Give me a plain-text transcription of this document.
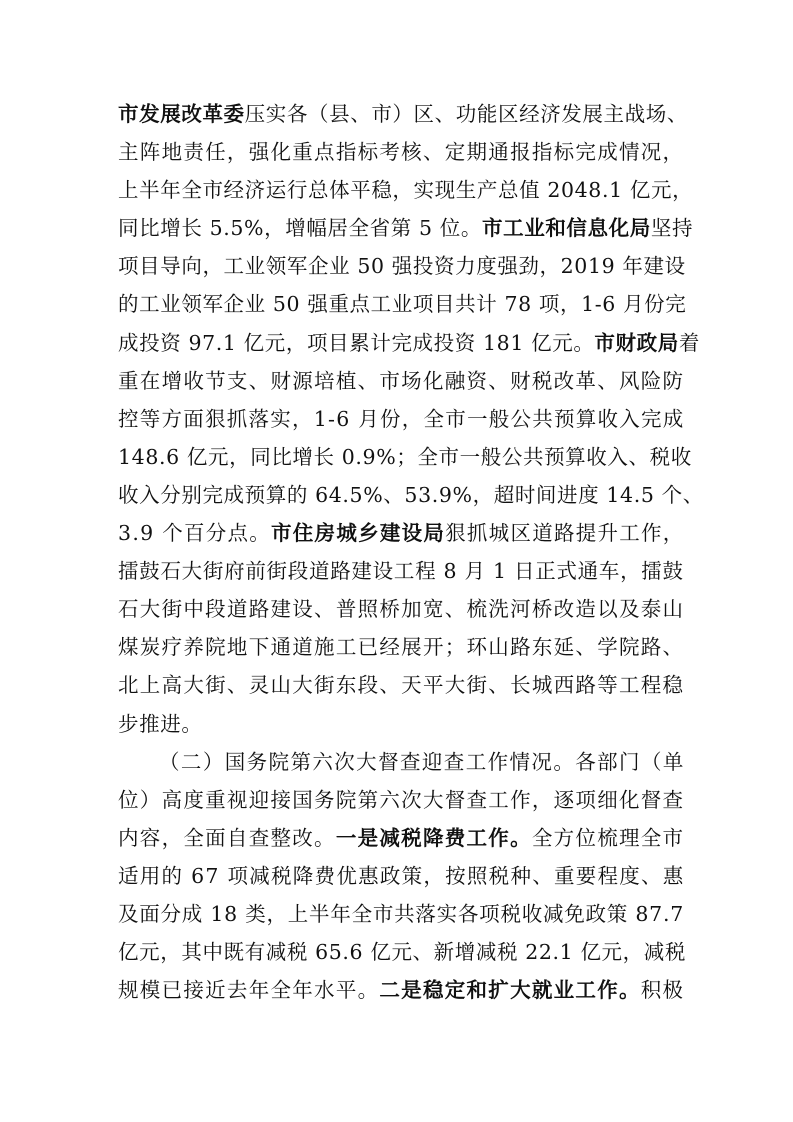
市 发 展 改 革 委 压 实 各 （ 县 、 市 ） 区 、 功 能 区 经 济 发 展 主 战 场 、
主 阵 地 责 任 ， 强 化 重 点 指 标 考 核 、 定 期 通 报 指 标 完 成 情 况 ，
上 半 年 全 市 经 济 运 行 总 体 平 稳 ， 实 现 生 产 总 值
2 0 4 8 . 1
亿 元 ，
同 比 增 长
5 . 5 % ， 增 幅 居 全 省 第
5
位 。 市 工 业 和 信 息 化 局 坚 持
项 目 导 向 ， 工 业 领 军 企 业
5 0
强 投 资 力 度 强 劲 ， 2 0 1 9
年 建 设
的 工 业 领 军 企 业
5 0
强 重 点 工 业 项 目 共 计
7 8
项 ， 1 - 6
月 份 完
成 投 资
9 7 . 1
亿 元 ， 项 目 累 计 完 成 投 资
1 8 1
亿 元 。 市 财 政 局 着
重 在 增 收 节 支 、 财 源 培 植 、 市 场 化 融 资 、 财 税 改 革 、 风 险 防
控 等 方 面 狠 抓 落 实 ， 1 - 6
月 份 ， 全 市 一 般 公 共 预 算 收 入 完 成
1 4 8 . 6
亿 元 ， 同 比 增 长
0 . 9 % ； 全 市 一 般 公 共 预 算 收 入 、 税 收
收 入 分 别 完 成 预 算 的
6 4 . 5 % 、 5 3 . 9 % ， 超 时 间 进 度
1 4 . 5
个 、
3 . 9
个 百 分 点 。 市 住 房 城 乡 建 设 局 狠 抓 城 区 道 路 提 升 工 作 ，
擂 鼓 石 大 街 府 前 街 段 道 路 建 设 工 程
8
月
1
日 正 式 通 车 ， 擂 鼓
石 大 街 中 段 道 路 建 设 、 普 照 桥 加 宽 、 梳 洗 河 桥 改 造 以 及 泰 山
煤 炭 疗 养 院 地 下 通 道 施 工 已 经 展 开 ； 环 山 路 东 延 、 学 院 路 、
北 上 高 大 街 、 灵 山 大 街 东 段 、 天 平 大 街 、 长 城 西 路 等 工 程 稳
步 推 进 。
（ 二 ） 国 务 院 第 六 次 大 督 查 迎 查 工 作 情 况 。 各 部 门 （ 单
位 ） 高 度 重 视 迎 接 国 务 院 第 六 次 大 督 查 工 作 ， 逐 项 细 化 督 查
内 容 ， 全 面 自 查 整 改 。 一 是 减 税 降 费 工 作 。 全 方 位 梳 理 全 市
适 用 的
6 7
项 减 税 降 费 优 惠 政 策 ， 按 照 税 种 、 重 要 程 度 、 惠
及 面 分 成
1 8
类 ， 上 半 年 全 市 共 落 实 各 项 税 收 减 免 政 策
8 7 . 7
亿 元 ， 其 中 既 有 减 税
6 5 . 6
亿 元 、 新 增 减 税
2 2 . 1
亿 元 ， 减 税
规 模 已 接 近 去 年 全 年 水 平 。 二 是 稳 定 和 扩 大 就 业 工 作 。 积 极
